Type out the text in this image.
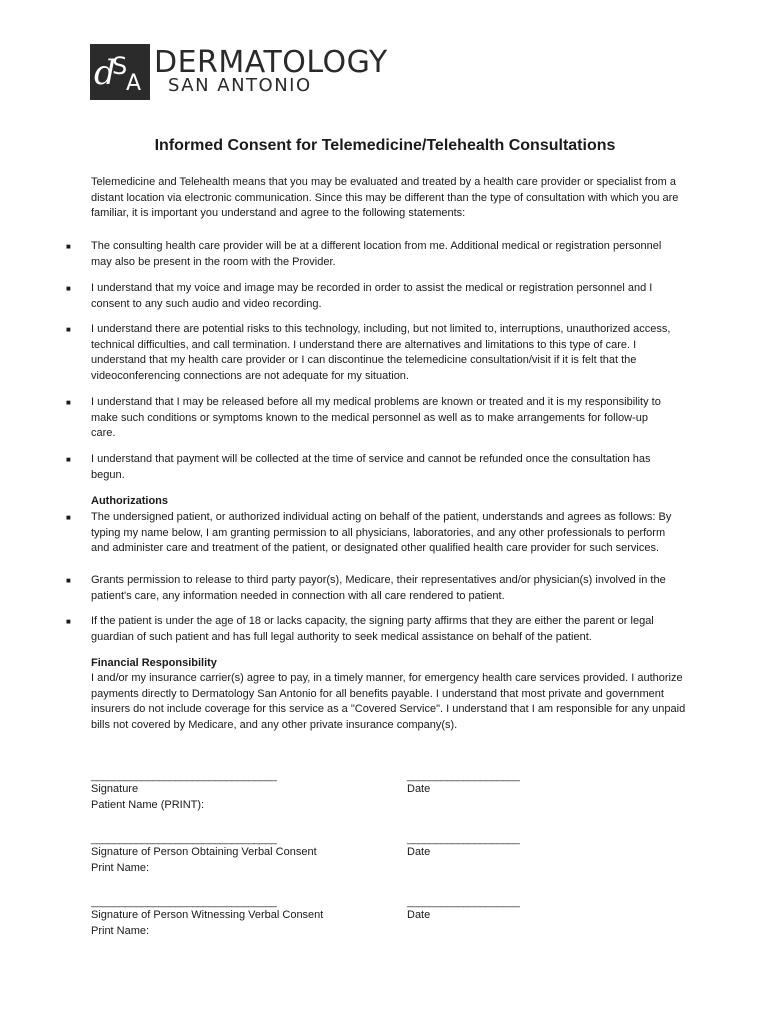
d
S
A
DERMATOLOGY
SAN ANTONIO
Informed Consent for Telemedicine/Telehealth Consultations
Telemedicine and Telehealth means that you may be evaluated and treated by a health care provider or specialist from a distant location via electronic communication. Since this may be different than the type of consultation with which you are familiar, it is important you understand and agree to the following statements:
■ The consulting health care provider will be at a different location from me. Additional medical or registration personnel may also be present in the room with the Provider.
■ I understand that my voice and image may be recorded in order to assist the medical or registration personnel and I consent to any such audio and video recording.
■ I understand there are potential risks to this technology, including, but not limited to, interruptions, unauthorized access, technical difficulties, and call termination. I understand there are alternatives and limitations to this type of care. I understand that my health care provider or I can discontinue the telemedicine consultation/visit if it is felt that the videoconferencing connections are not adequate for my situation.
■ I understand that I may be released before all my medical problems are known or treated and it is my responsibility to make such conditions or symptoms known to the medical personnel as well as to make arrangements for follow-up care.
■ I understand that payment will be collected at the time of service and cannot be refunded once the consultation has begun.
Authorizations
■ The undersigned patient, or authorized individual acting on behalf of the patient, understands and agrees as follows: By typing my name below, I am granting permission to all physicians, laboratories, and any other professionals to perform and administer care and treatment of the patient, or designated other qualified health care provider for such services.
■ Grants permission to release to third party payor(s), Medicare, their representatives and/or physician(s) involved in the patient's care, any information needed in connection with all care rendered to patient.
■ If the patient is under the age of 18 or lacks capacity, the signing party affirms that they are either the parent or legal guardian of such patient and has full legal authority to seek medical assistance on behalf of the patient.
Financial Responsibility
I and/or my insurance carrier(s) agree to pay, in a timely manner, for emergency health care services provided. I authorize payments directly to Dermatology San Antonio for all benefits payable. I understand that most private and government insurers do not include coverage for this service as a "Covered Service". I understand that I am responsible for any unpaid bills not covered by Medicare, and any other private insurance company(s).
_________________________________	____________________
Signature	Date
Patient Name (PRINT):
_________________________________	____________________
Signature of Person Obtaining Verbal Consent	Date
Print Name:
_________________________________	____________________
Signature of Person Witnessing Verbal Consent	Date
Print Name:
